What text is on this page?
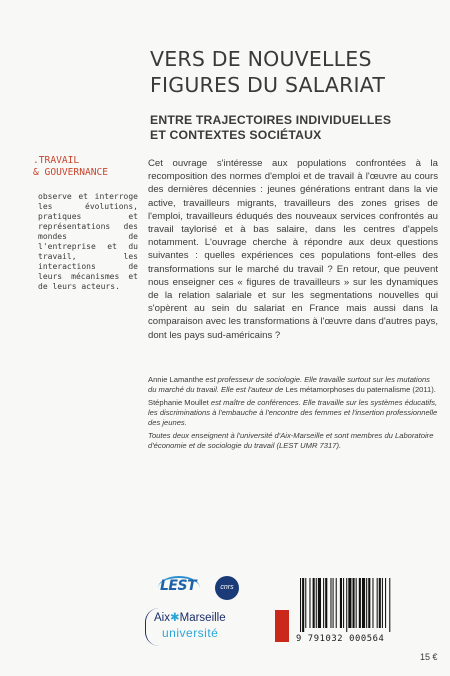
VERS DE NOUVELLES
FIGURES DU SALARIAT
ENTRE TRAJECTOIRES INDIVIDUELLES
ET CONTEXTES SOCIÉTAUX
.TRAVAIL
& GOUVERNANCE

observe et interroge les évolutions, pratiques et représentations des mondes de l'entreprise et du travail, les interactions de leurs mécanismes et de leurs acteurs.

Cet ouvrage s'intéresse aux populations confrontées à la recomposition des normes d'emploi et de travail à l'œuvre au cours des dernières décennies : jeunes générations entrant dans la vie active, travailleurs migrants, travailleurs des zones grises de l'emploi, travailleurs éduqués des nouveaux services confrontés au travail taylorisé et à bas salaire, dans les centres d'appels notamment. L'ouvrage cherche à répondre aux deux questions suivantes : quelles expériences ces populations font-elles des transformations sur le marché du travail ? En retour, que peuvent nous enseigner ces « figures de travailleurs » sur les dynamiques de la relation salariale et sur les segmentations nouvelles qui s'opèrent au sein du salariat en France mais aussi dans la comparaison avec les transformations à l'œuvre dans d'autres pays, dont les pays sud-américains ?

Annie Lamanthe est professeur de sociologie. Elle travaille surtout sur les mutations du marché du travail. Elle est l'auteur de Les métamorphoses du paternalisme (2011).

Stéphanie Moullet est maître de conférences. Elle travaille sur les systèmes éducatifs, les discriminations à l'embauche à l'encontre des femmes et l'insertion professionnelle des jeunes.

Toutes deux enseignent à l'université d'Aix-Marseille et sont membres du Laboratoire d'économie et de sociologie du travail (LEST UMR 7317).

LEST	cnrs
Aix✱Marseille
université	9 791032 000564
15 €
